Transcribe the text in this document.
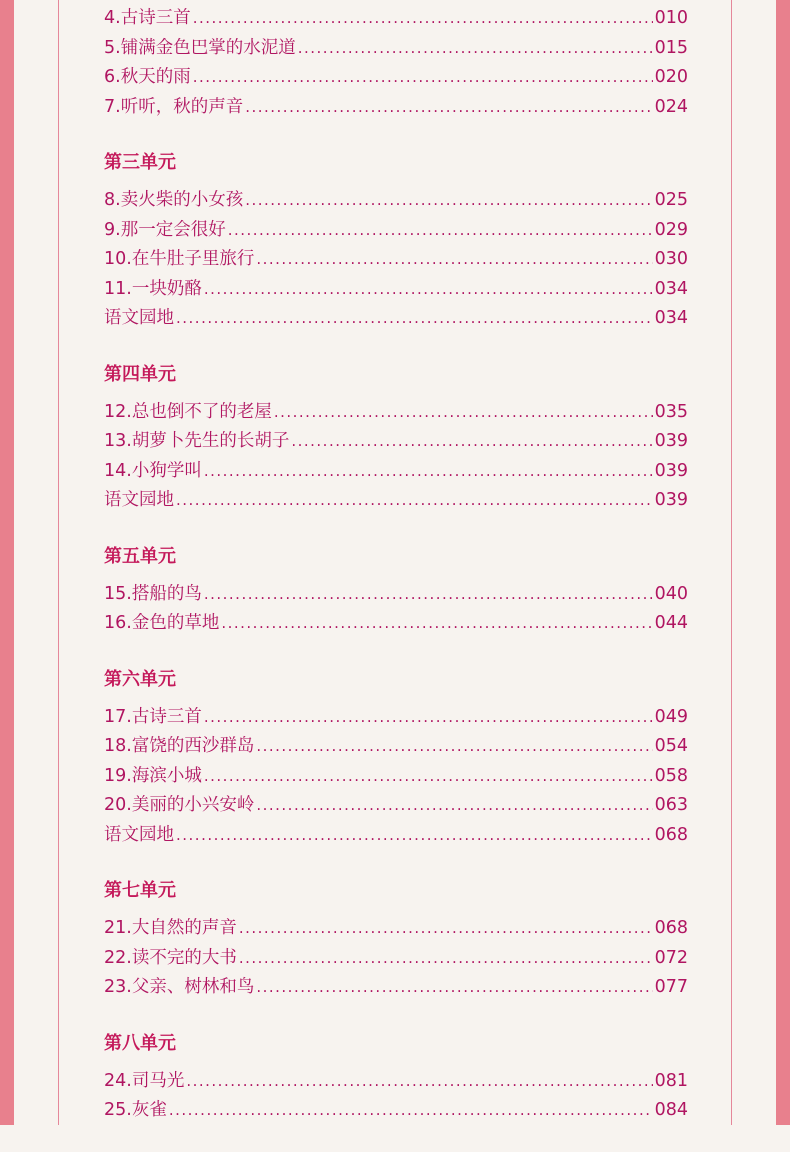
4.古诗三首 .....	010
5.铺满金色巴掌的水泥道 .....	015
6.秋天的雨 .....	020
7.听听，秋的声音 .....	024
第三单元
8.卖火柴的小女孩 .....	025
9.那一定会很好 .....	029
10.在牛肚子里旅行 .....	030
11.一块奶酪 .....	034
语文园地 .....	034
第四单元
12.总也倒不了的老屋 .....	035
13.胡萝卜先生的长胡子 .....	039
14.小狗学叫 .....	039
语文园地 .....	039
第五单元
15.搭船的鸟 .....	040
16.金色的草地 .....	044
第六单元
17.古诗三首 .....	049
18.富饶的西沙群岛 .....	054
19.海滨小城 .....	058
20.美丽的小兴安岭 .....	063
语文园地 .....	068
第七单元
21.大自然的声音 .....	068
22.读不完的大书 .....	072
23.父亲、树林和鸟 .....	077
第八单元
24.司马光 .....	081
25.灰雀 .....	084
